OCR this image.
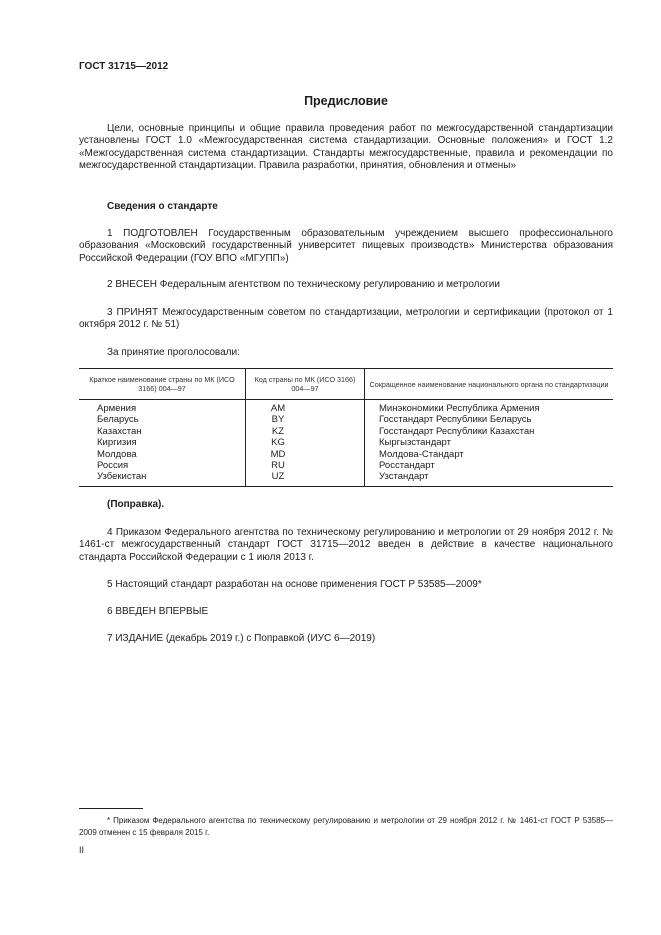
ГОСТ 31715—2012

Предисловие

Цели, основные принципы и общие правила проведения работ по межгосударственной стандартизации установлены ГОСТ 1.0 «Межгосударственная система стандартизации. Основные положения» и ГОСТ 1.2 «Межгосударственная система стандартизации. Стандарты межгосударственные, правила и рекомендации по межгосударственной стандартизации. Правила разработки, принятия, обновления и отмены»

Сведения о стандарте

1 ПОДГОТОВЛЕН Государственным образовательным учреждением высшего профессионального образования «Московский государственный университет пищевых производств» Министерства образования Российской Федерации (ГОУ ВПО «МГУПП»)

2 ВНЕСЕН Федеральным агентством по техническому регулированию и метрологии

3 ПРИНЯТ Межгосударственным советом по стандартизации, метрологии и сертификации (протокол от 1 октября 2012 г. № 51)

За принятие проголосовали:

Краткое наименование страны по МК (ИСО 3166) 004—97	Код страны по МК (ИСО 3166) 004—97	Сокращенное наименование национального органа по стандартизации
Армения	AM	Минэкономики Республика Армения
Беларусь	BY	Госстандарт Республики Беларусь
Казахстан	KZ	Госстандарт Республики Казахстан
Киргизия	KG	Кыргызстандарт
Молдова	MD	Молдова-Стандарт
Россия	RU	Росстандарт
Узбекистан	UZ	Узстандарт

(Поправка).

4 Приказом Федерального агентства по техническому регулированию и метрологии от 29 ноября 2012 г. № 1461-ст межгосударственный стандарт ГОСТ 31715—2012 введен в действие в качестве национального стандарта Российской Федерации с 1 июля 2013 г.

5 Настоящий стандарт разработан на основе применения ГОСТ Р 53585—2009*

6 ВВЕДЕН ВПЕРВЫЕ

7 ИЗДАНИЕ (декабрь 2019 г.) с Поправкой (ИУС 6—2019)

* Приказом Федерального агентства по техническому регулированию и метрологии от 29 ноября 2012 г. № 1461-ст ГОСТ Р 53585—2009 отменен с 15 февраля 2015 г.

II
